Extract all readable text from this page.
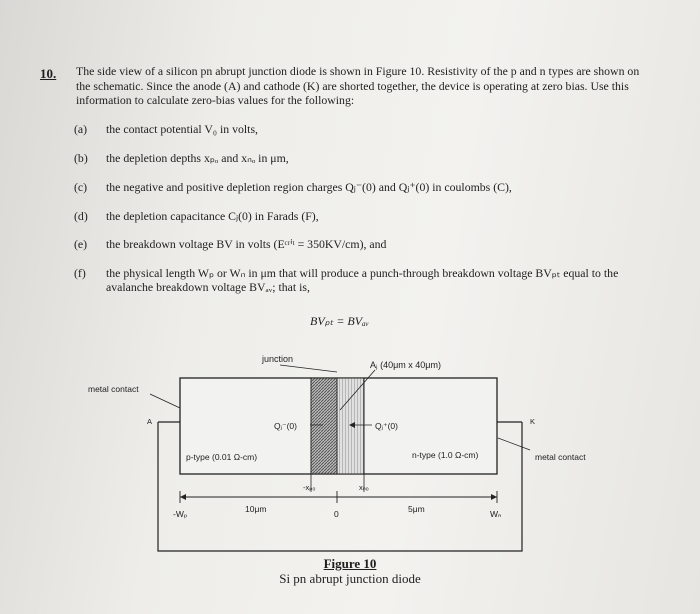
10. The side view of a silicon pn abrupt junction diode is shown in Figure 10. Resistivity of the p and n types are shown on the schematic. Since the anode (A) and cathode (K) are shorted together, the device is operating at zero bias. Use this information to calculate zero-bias values for the following:
(a) the contact potential V₀ in volts,
(b) the depletion depths xₚₒ and xₙₒ in μm,
(c) the negative and positive depletion region charges Qⱼ⁻(0) and Qⱼ⁺(0) in coulombs (C),
(d) the depletion capacitance Cⱼ(0) in Farads (F),
(e) the breakdown voltage BV in volts (Eᶜʳⁱᵗ = 350KV/cm), and
(f) the physical length Wₚ or Wₙ in μm that will produce a punch-through breakdown voltage BVₚₜ equal to the avalanche breakdown voltage BVₐᵥ; that is,
BVₚₜ = BVₐᵥ
junction
Aⱼ (40μm x 40μm)
metal contact
metal contact
A	K
Qⱼ⁻(0)	Qⱼ⁺(0)
p-type (0.01 Ω-cm)	n-type (1.0 Ω-cm)
-xₚₒ	xₙₒ
-Wₚ	Wₙ
10μm	0	5μm
Figure 10
Si pn abrupt junction diode
